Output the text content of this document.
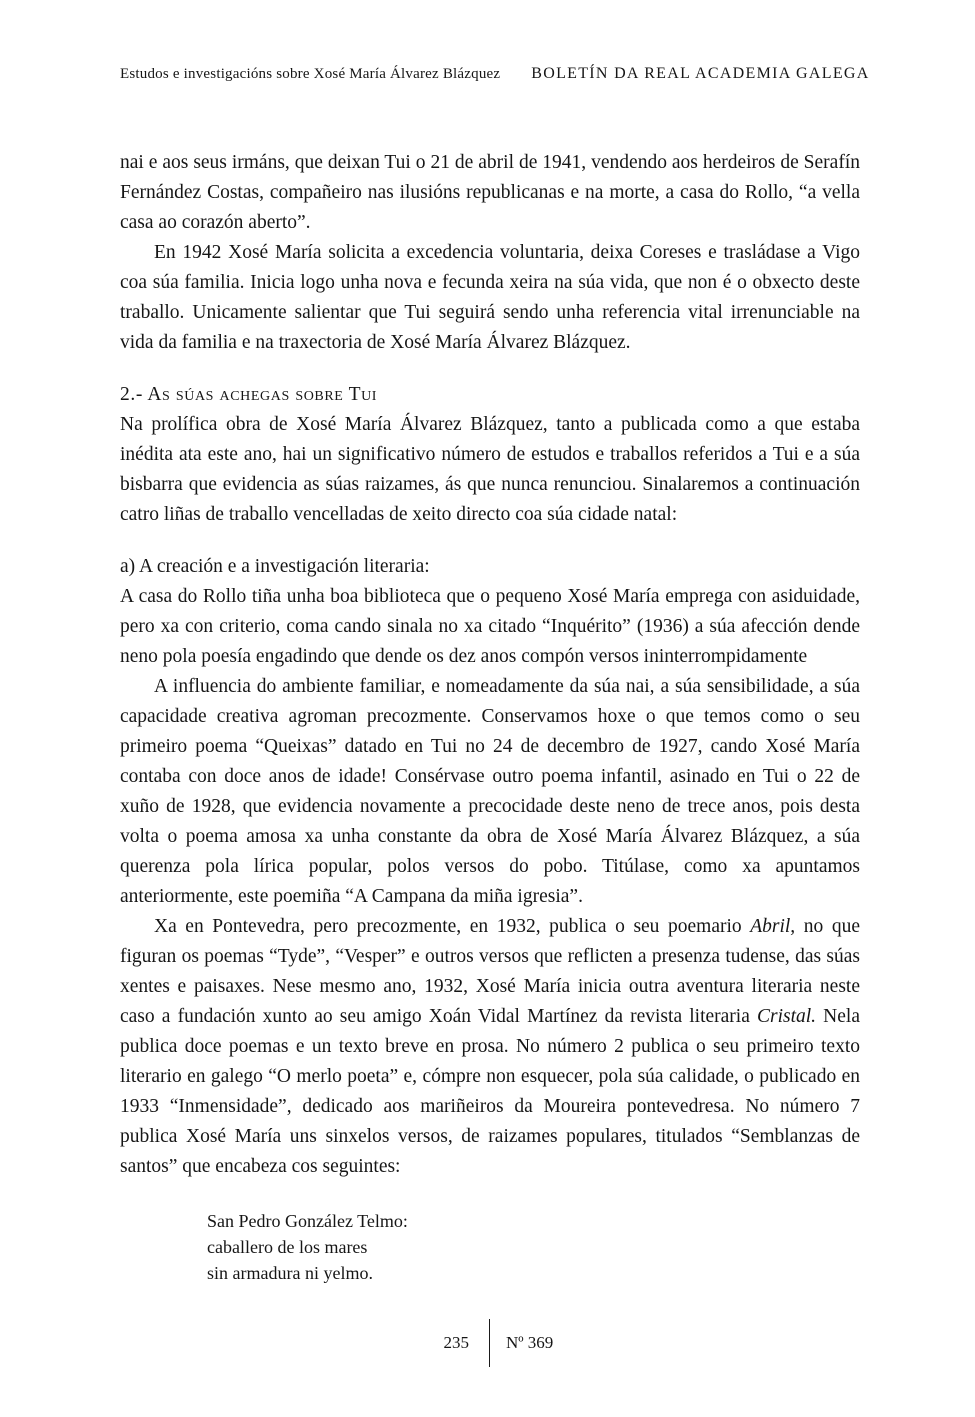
Estudos e investigacións sobre Xosé María Álvarez Blázquez BOLETÍN DA REAL ACADEMIA GALEGA

nai e aos seus irmáns, que deixan Tui o 21 de abril de 1941, vendendo aos herdeiros de Serafín Fernández Costas, compañeiro nas ilusións republicanas e na morte, a casa do Rollo, “a vella casa ao corazón aberto”.

En 1942 Xosé María solicita a excedencia voluntaria, deixa Coreses e trasládase a Vigo coa súa familia. Inicia logo unha nova e fecunda xeira na súa vida, que non é o obxecto deste traballo. Unicamente salientar que Tui seguirá sendo unha referencia vital irrenunciable na vida da familia e na traxectoria de Xosé María Álvarez Blázquez.

2.- As súas achegas sobre Tui

Na prolífica obra de Xosé María Álvarez Blázquez, tanto a publicada como a que estaba inédita ata este ano, hai un significativo número de estudos e traballos referidos a Tui e a súa bisbarra que evidencia as súas raizames, ás que nunca renunciou. Sinalaremos a continuación catro liñas de traballo vencelladas de xeito directo coa súa cidade natal:

a) A creación e a investigación literaria:

A casa do Rollo tiña unha boa biblioteca que o pequeno Xosé María emprega con asiduidade, pero xa con criterio, coma cando sinala no xa citado “Inquérito” (1936) a súa afección dende neno pola poesía engadindo que dende os dez anos compón versos ininterrompidamente

A influencia do ambiente familiar, e nomeadamente da súa nai, a súa sensibilidade, a súa capacidade creativa agroman precozmente. Conservamos hoxe o que temos como o seu primeiro poema “Queixas” datado en Tui no 24 de decembro de 1927, cando Xosé María contaba con doce anos de idade! Consérvase outro poema infantil, asinado en Tui o 22 de xuño de 1928, que evidencia novamente a precocidade deste neno de trece anos, pois desta volta o poema amosa xa unha constante da obra de Xosé María Álvarez Blázquez, a súa querenza pola lírica popular, polos versos do pobo. Titúlase, como xa apuntamos anteriormente, este poemiña “A Campana da miña igresia”.

Xa en Pontevedra, pero precozmente, en 1932, publica o seu poemario Abril, no que figuran os poemas “Tyde”, “Vesper” e outros versos que reflicten a presenza tudense, das súas xentes e paisaxes. Nese mesmo ano, 1932, Xosé María inicia outra aventura literaria neste caso a fundación xunto ao seu amigo Xoán Vidal Martínez da revista literaria Cristal. Nela publica doce poemas e un texto breve en prosa. No número 2 publica o seu primeiro texto literario en galego “O merlo poeta” e, cómpre non esquecer, pola súa calidade, o publicado en 1933 “Inmensidade”, dedicado aos mariñeiros da Moureira pontevedresa. No número 7 publica Xosé María uns sinxelos versos, de raizames populares, titulados “Semblanzas de santos” que encabeza cos seguintes:

San Pedro González Telmo:
caballero de los mares
sin armadura ni yelmo.
235	Nº 369
